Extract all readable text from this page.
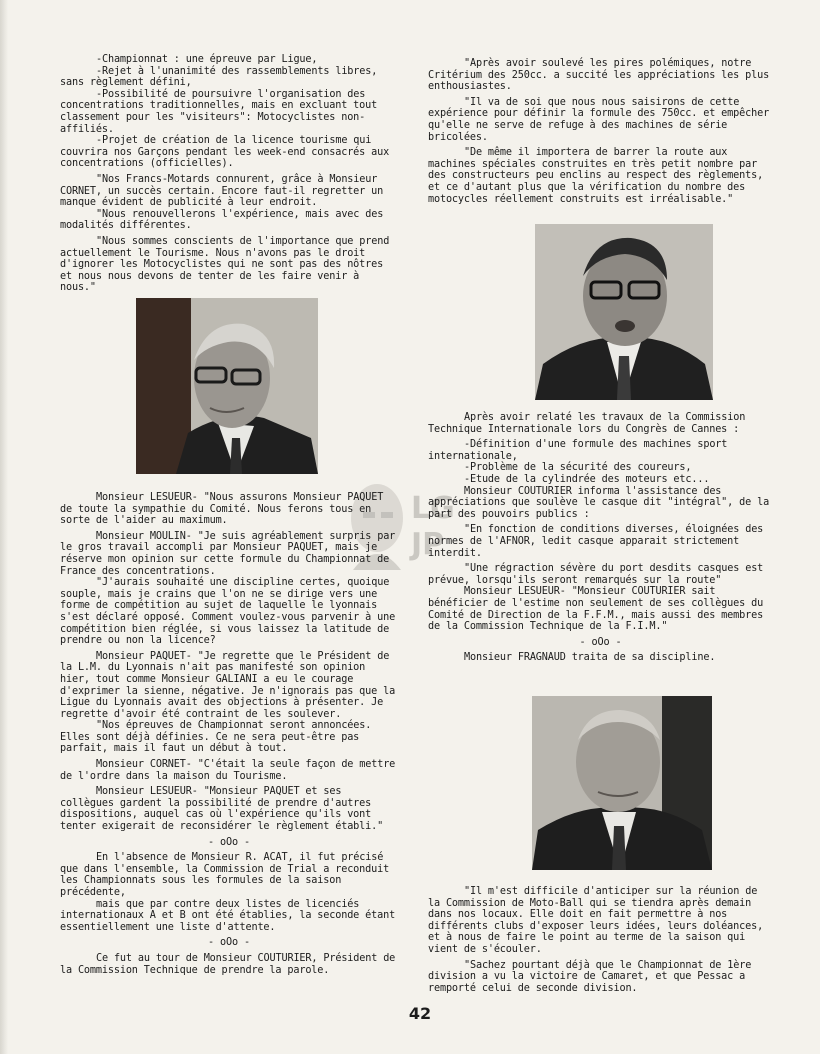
-Championnat : une épreuve par Ligue,

-Rejet à l'unanimité des rassemblements libres, sans règlement défini,

-Possibilité de poursuivre l'organisation des concentrations traditionnelles, mais en excluant tout classement pour les "visiteurs": Motocyclistes non-affiliés.

-Projet de création de la licence tourisme qui couvrira nos Garçons pendant les week-end consacrés aux concentrations (officielles).

"Nos Francs-Motards connurent, grâce à Monsieur CORNET, un succès certain. Encore faut-il regretter un manque évident de publicité à leur endroit.

"Nous renouvellerons l'expérience, mais avec des modalités différentes.

"Nous sommes conscients de l'importance que prend actuellement le Tourisme. Nous n'avons pas le droit d'ignorer les Motocyclistes qui ne sont pas des nôtres et nous nous devons de tenter de les faire venir à nous."

LG
JP

Monsieur LESUEUR- "Nous assurons Monsieur PAQUET de toute la sympathie du Comité. Nous ferons tous en sorte de l'aider au maximum.

Monsieur MOULIN- "Je suis agréablement surpris par le gros travail accompli par Monsieur PAQUET, mais je réserve mon opinion sur cette formule du Championnat de France des concentrations.

"J'aurais souhaité une discipline certes, quoique souple, mais je crains que l'on ne se dirige vers une forme de compétition au sujet de laquelle le lyonnais s'est déclaré opposé. Comment voulez-vous parvenir à une compétition bien réglée, si vous laissez la latitude de prendre ou non la licence?

Monsieur PAQUET- "Je regrette que le Président de la L.M. du Lyonnais n'ait pas manifesté son opinion hier, tout comme Monsieur GALIANI a eu le courage d'exprimer la sienne, négative. Je n'ignorais pas que la Ligue du Lyonnais avait des objections à présenter. Je regrette d'avoir été contraint de les soulever.

"Nos épreuves de Championnat seront annoncées. Elles sont déjà définies. Ce ne sera peut-être pas parfait, mais il faut un début à tout.

Monsieur CORNET- "C'était la seule façon de mettre de l'ordre dans la maison du Tourisme.

Monsieur LESUEUR- "Monsieur PAQUET et ses collègues gardent la possibilité de prendre d'autres dispositions, auquel cas où l'expérience qu'ils vont tenter exigerait de reconsidérer le règlement établi."

- oOo -

En l'absence de Monsieur R. ACAT, il fut précisé que dans l'ensemble, la Commission de Trial a reconduit les Championnats sous les formules de la saison précédente,

mais que par contre deux listes de licenciés internationaux A et B ont été établies, la seconde étant essentiellement une liste d'attente.

- oOo -

Ce fut au tour de Monsieur COUTURIER, Président de la Commission Technique de prendre la parole.

"Après avoir soulevé les pires polémiques, notre Critérium des 250cc. a succité les appréciations les plus enthousiastes.

"Il va de soi que nous nous saisirons de cette expérience pour définir la formule des 750cc. et empêcher qu'elle ne serve de refuge à des machines de série bricolées.

"De même il importera de barrer la route aux machines spéciales construites en très petit nombre par des constructeurs peu enclins au respect des règlements, et ce d'autant plus que la vérification du nombre des motocycles réellement construits est irréalisable."

Après avoir relaté les travaux de la Commission Technique Internationale lors du Congrès de Cannes :

-Définition d'une formule des machines sport internationale,

-Problème de la sécurité des coureurs,

-Etude de la cylindrée des moteurs etc...

Monsieur COUTURIER informa l'assistance des appréciations que soulève le casque dit "intégral", de la part des pouvoirs publics :

"En fonction de conditions diverses, éloignées des normes de l'AFNOR, ledit casque apparait strictement interdit.

"Une régraction sévère du port desdits casques est prévue, lorsqu'ils seront remarqués sur la route"

Monsieur LESUEUR- "Monsieur COUTURIER sait bénéficier de l'estime non seulement de ses collègues du Comité de Direction de la F.F.M., mais aussi des membres de la Commission Technique de la F.I.M."

- oOo -

Monsieur FRAGNAUD traita de sa discipline.

"Il m'est difficile d'anticiper sur la réunion de la Commission de Moto-Ball qui se tiendra après demain dans nos locaux. Elle doit en fait permettre à nos différents clubs d'exposer leurs idées, leurs doléances, et à nous de faire le point au terme de la saison qui vient de s'écouler.

"Sachez pourtant déjà que le Championnat de 1ère division a vu la victoire de Camaret, et que Pessac a remporté celui de seconde division.

42
